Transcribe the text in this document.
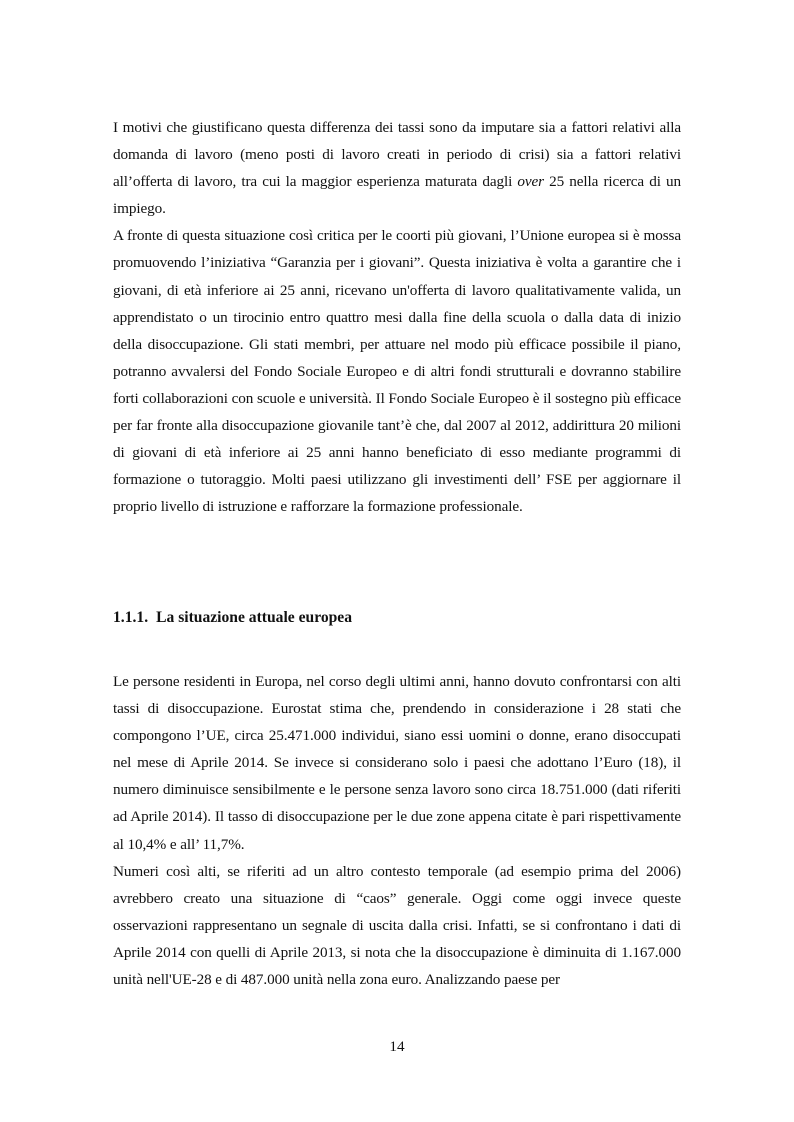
I motivi che giustificano questa differenza dei tassi sono da imputare sia a fattori relativi alla domanda di lavoro (meno posti di lavoro creati in periodo di crisi) sia a fattori relativi all’offerta di lavoro, tra cui la maggior esperienza maturata dagli over 25 nella ricerca di un impiego.

A fronte di questa situazione così critica per le coorti più giovani, l’Unione europea si è mossa promuovendo l’iniziativa “Garanzia per i giovani”. Questa iniziativa è volta a garantire che i giovani, di età inferiore ai 25 anni, ricevano un'offerta di lavoro qualitativamente valida, un apprendistato o un tirocinio entro quattro mesi dalla fine della scuola o dalla data di inizio della disoccupazione. Gli stati membri, per attuare nel modo più efficace possibile il piano, potranno avvalersi del Fondo Sociale Europeo e di altri fondi strutturali e dovranno stabilire forti collaborazioni con scuole e università. Il Fondo Sociale Europeo è il sostegno più efficace per far fronte alla disoccupazione giovanile tant’è che, dal 2007 al 2012, addirittura 20 milioni di giovani di età inferiore ai 25 anni hanno beneficiato di esso mediante programmi di formazione o tutoraggio. Molti paesi utilizzano gli investimenti dell’ FSE per aggiornare il proprio livello di istruzione e rafforzare la formazione professionale.

1.1.1. La situazione attuale europea

Le persone residenti in Europa, nel corso degli ultimi anni, hanno dovuto confrontarsi con alti tassi di disoccupazione. Eurostat stima che, prendendo in considerazione i 28 stati che compongono l’UE, circa 25.471.000 individui, siano essi uomini o donne, erano disoccupati nel mese di Aprile 2014. Se invece si considerano solo i paesi che adottano l’Euro (18), il numero diminuisce sensibilmente e le persone senza lavoro sono circa 18.751.000 (dati riferiti ad Aprile 2014). Il tasso di disoccupazione per le due zone appena citate è pari rispettivamente al 10,4% e all’ 11,7%.

Numeri così alti, se riferiti ad un altro contesto temporale (ad esempio prima del 2006) avrebbero creato una situazione di “caos” generale. Oggi come oggi invece queste osservazioni rappresentano un segnale di uscita dalla crisi. Infatti, se si confrontano i dati di Aprile 2014 con quelli di Aprile 2013, si nota che la disoccupazione è diminuita di 1.167.000 unità nell'UE-28 e di 487.000 unità nella zona euro. Analizzando paese per

14
